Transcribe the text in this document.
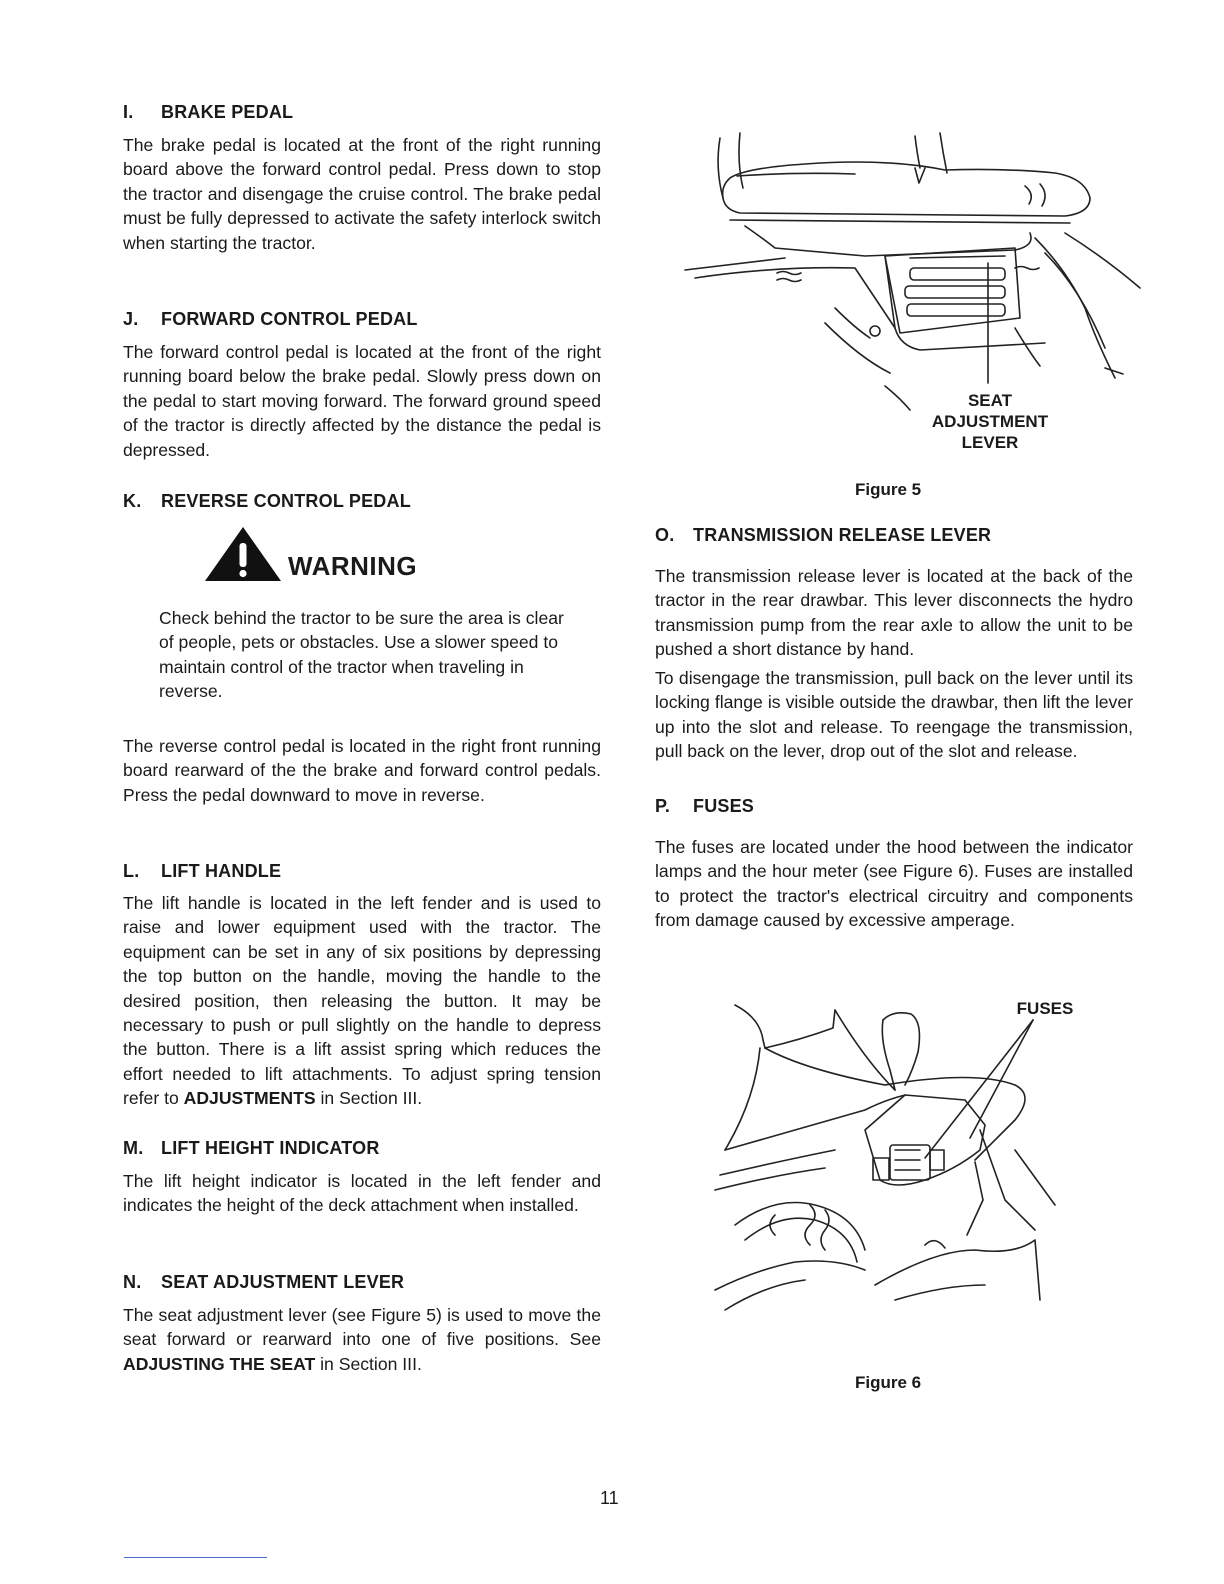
I. BRAKE PEDAL

The brake pedal is located at the front of the right running board above the forward control pedal. Press down to stop the tractor and disengage the cruise control. The brake pedal must be fully depressed to activate the safety interlock switch when starting the tractor.

J. FORWARD CONTROL PEDAL

The forward control pedal is located at the front of the right running board below the brake pedal. Slowly press down on the pedal to start moving forward. The forward ground speed of the tractor is directly affected by the distance the pedal is depressed.

K. REVERSE CONTROL PEDAL
WARNING

Check behind the tractor to be sure the area is clear of people, pets or obstacles. Use a slower speed to maintain control of the tractor when traveling in reverse.

The reverse control pedal is located in the right front running board rearward of the the brake and forward control pedals. Press the pedal downward to move in reverse.

L. LIFT HANDLE

The lift handle is located in the left fender and is used to raise and lower equipment used with the tractor. The equipment can be set in any of six positions by depressing the top button on the handle, moving the handle to the desired position, then releasing the button. It may be necessary to push or pull slightly on the handle to depress the button. There is a lift assist spring which reduces the effort needed to lift attachments. To adjust spring tension refer to ADJUSTMENTS in Section III.

M. LIFT HEIGHT INDICATOR

The lift height indicator is located in the left fender and indicates the height of the deck attachment when installed.

N. SEAT ADJUSTMENT LEVER

The seat adjustment lever (see Figure 5) is used to move the seat forward or rearward into one of five positions. See ADJUSTING THE SEAT in Section III.

SEAT
ADJUSTMENT
LEVER
Figure 5
O. TRANSMISSION RELEASE LEVER

The transmission release lever is located at the back of the tractor in the rear drawbar. This lever disconnects the hydro transmission pump from the rear axle to allow the unit to be pushed a short distance by hand.

To disengage the transmission, pull back on the lever until its locking flange is visible outside the drawbar, then lift the lever up into the slot and release. To reengage the transmission, pull back on the lever, drop out of the slot and release.

P. FUSES

The fuses are located under the hood between the indicator lamps and the hour meter (see Figure 6). Fuses are installed to protect the tractor's electrical circuitry and components from damage caused by excessive amperage.

FUSES
Figure 6
11
